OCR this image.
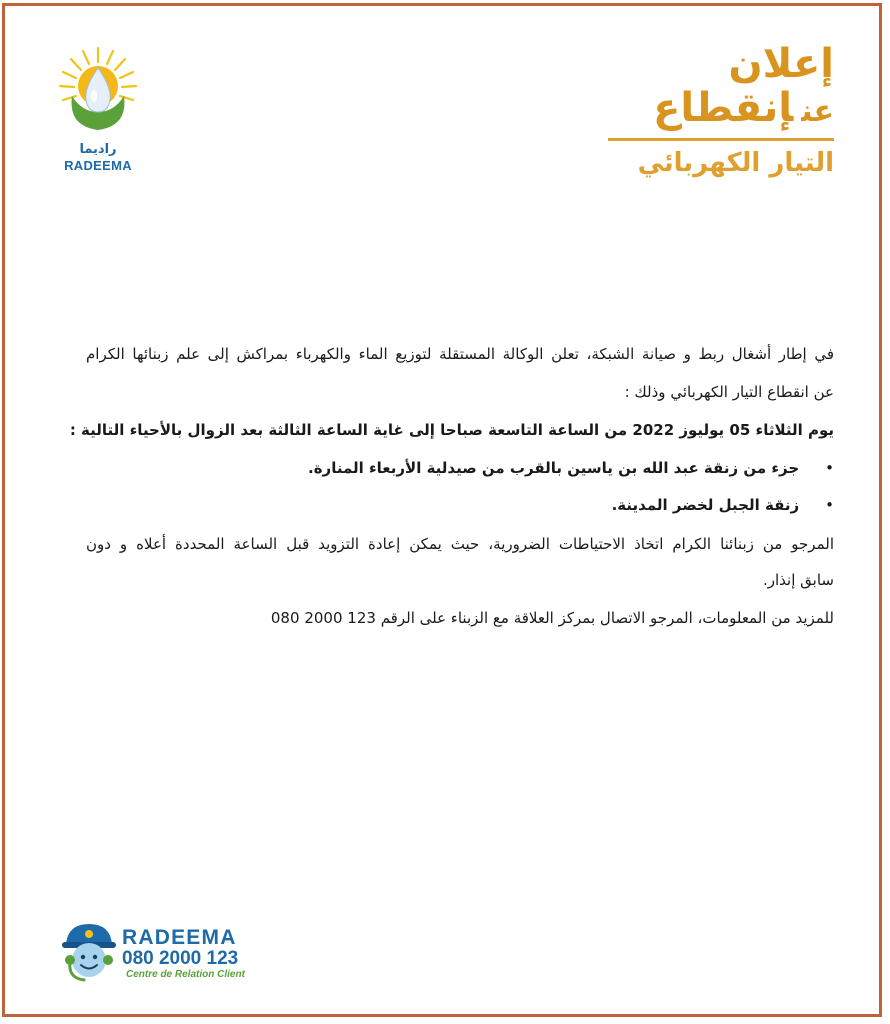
راديما
RADEEMA
إعلان
عنإنقطاع
التيار الكهربائي
في إطار أشغال ربط و صيانة الشبكة، تعلن الوكالة المستقلة لتوزيع الماء والكهرباء بمراكش إلى علم زبنائها الكرام
عن انقطاع التيار الكهربائي وذلك :
يوم الثلاثاء 05 يوليوز 2022 من الساعة التاسعة صباحا إلى غاية الساعة الثالثة بعد الزوال بالأحياء التالية :
•جزء من زنقة عبد الله بن ياسين بالقرب من صيدلية الأربعاء المنارة.
•زنقة الجبل لخضر المدينة.
المرجو من زبنائنا الكرام اتخاذ الاحتياطات الضرورية، حيث يمكن إعادة التزويد قبل الساعة المحددة أعلاه و دون
سابق إنذار.
للمزيد من المعلومات، المرجو الاتصال بمركز العلاقة مع الزبناء على الرقم 123 2000 080
RADEEMA
080 2000 123
Centre de Relation Client
